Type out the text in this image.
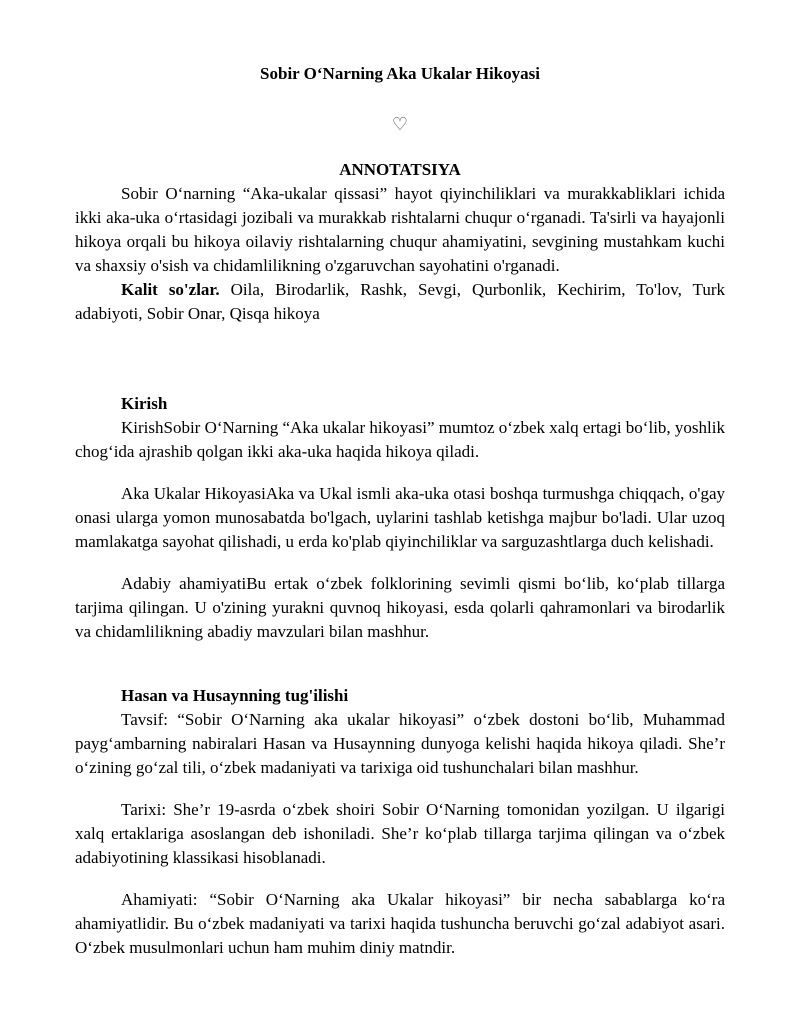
Sobir O‘Narning Aka Ukalar Hikoyasi
♡
ANNOTATSIYA

Sobir O‘narning “Aka-ukalar qissasi” hayot qiyinchiliklari va murakkabliklari ichida ikki aka-uka o‘rtasidagi jozibali va murakkab rishtalarni chuqur o‘rganadi. Ta'sirli va hayajonli hikoya orqali bu hikoya oilaviy rishtalarning chuqur ahamiyatini, sevgining mustahkam kuchi va shaxsiy o'sish va chidamlilikning o'zgaruvchan sayohatini o'rganadi.

Kalit so'zlar. Oila, Birodarlik, Rashk, Sevgi, Qurbonlik, Kechirim, To'lov, Turk adabiyoti, Sobir Onar, Qisqa hikoya

Kirish

KirishSobir O‘Narning “Aka ukalar hikoyasi” mumtoz o‘zbek xalq ertagi bo‘lib, yoshlik chog‘ida ajrashib qolgan ikki aka-uka haqida hikoya qiladi.

Aka Ukalar HikoyasiAka va Ukal ismli aka-uka otasi boshqa turmushga chiqqach, o'gay onasi ularga yomon munosabatda bo'lgach, uylarini tashlab ketishga majbur bo'ladi. Ular uzoq mamlakatga sayohat qilishadi, u erda ko'plab qiyinchiliklar va sarguzashtlarga duch kelishadi.

Adabiy ahamiyatiBu ertak o‘zbek folklorining sevimli qismi bo‘lib, ko‘plab tillarga tarjima qilingan. U o'zining yurakni quvnoq hikoyasi, esda qolarli qahramonlari va birodarlik va chidamlilikning abadiy mavzulari bilan mashhur.

Hasan va Husaynning tug'ilishi

Tavsif: “Sobir O‘Narning aka ukalar hikoyasi” o‘zbek dostoni bo‘lib, Muhammad payg‘ambarning nabiralari Hasan va Husaynning dunyoga kelishi haqida hikoya qiladi. She’r o‘zining go‘zal tili, o‘zbek madaniyati va tarixiga oid tushunchalari bilan mashhur.

Tarixi: She’r 19-asrda o‘zbek shoiri Sobir O‘Narning tomonidan yozilgan. U ilgarigi xalq ertaklariga asoslangan deb ishoniladi. She’r ko‘plab tillarga tarjima qilingan va o‘zbek adabiyotining klassikasi hisoblanadi.

Ahamiyati: “Sobir O‘Narning aka Ukalar hikoyasi” bir necha sabablarga ko‘ra ahamiyatlidir. Bu o‘zbek madaniyati va tarixi haqida tushuncha beruvchi go‘zal adabiyot asari. O‘zbek musulmonlari uchun ham muhim diniy matndir.
